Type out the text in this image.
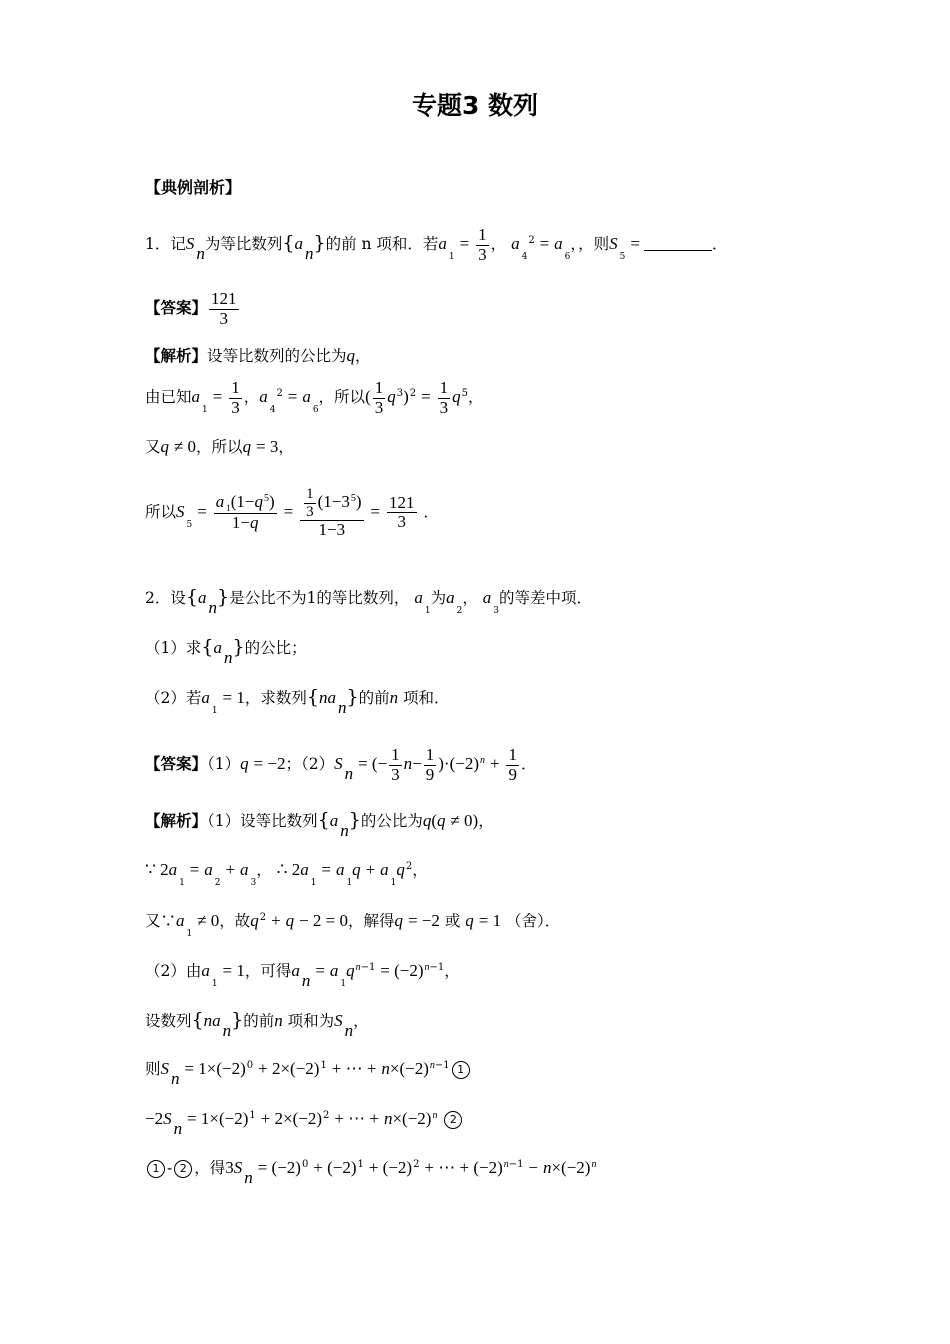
专题3 数列
【典例剖析】
1．记$S_n$为等比数列$\{a_n\}$的前 n 项和．若$a_1 = \frac{1}{3}$ ， $a_4^2 = a_6$，，则$S_5$ =	．
【答案】 $\frac{121}{3}$
【解析】设等比数列的公比为q，
由已知$a_1 = \frac{1}{3}$ ，$a_4^2 = a_6$，所以( $\frac{1}{3} q^3)^2 = \frac{1}{3} q^5$，
又q ≠ 0，所以q = 3，
所以$S_5 = \frac{a _1(1-q^5)}{1-q} = \frac{\frac{1}{3} (1-3^5)}{1-3} = \frac{121}{3}$ ．
2．设$\{a_n\}$是公比不为1的等比数列， $a_1$为$a_2$， $a_3$的等差中项．
（1）求$\{a_n\}$的公比；
（2）若$a_1 = 1$，求数列$\{na_n\}$的前n 项和．
【答案】（1）q = −2；$(2)S_n$ = (− $\frac{1}{3} n- \frac{1}{9} )\cdot(-2)^n + \frac{1}{9}$ ．
【解析】（1）设等比数列$\{a_n\}$的公比为q(q ≠ 0)，
∵ $2a_1 = a_2 + a_3$， ∴ $2a_1 = a_1q + a_1q^2$，
又$\because a_1 \ne 0$，故$q^2 + q - 2 = 0$，解得q = −2 或 q = 1 （舍）．
（2）由$a_1 = 1$，可得$a_n = a_1q^{n-1} = (-2)^{n-1}$，
设数列$\{na_n\}$的前n 项和为$S_n$，
则$S_n = 1\times(-2)^0 + 2\times(-2)^1$ + ⋯ + $n\times(-2)^{n-1}$ 1
$-2S_n = 1\times(-2)^1 + 2\times(-2)^2$ + ⋯ + $n\times(-2)^n$ 2
1 - 2 ，得$3S_n = (-2)^0 + (-2)^1 + (-2)^2$ + ⋯ + $(-2)^{n-1} - n\times(-2)^n$
